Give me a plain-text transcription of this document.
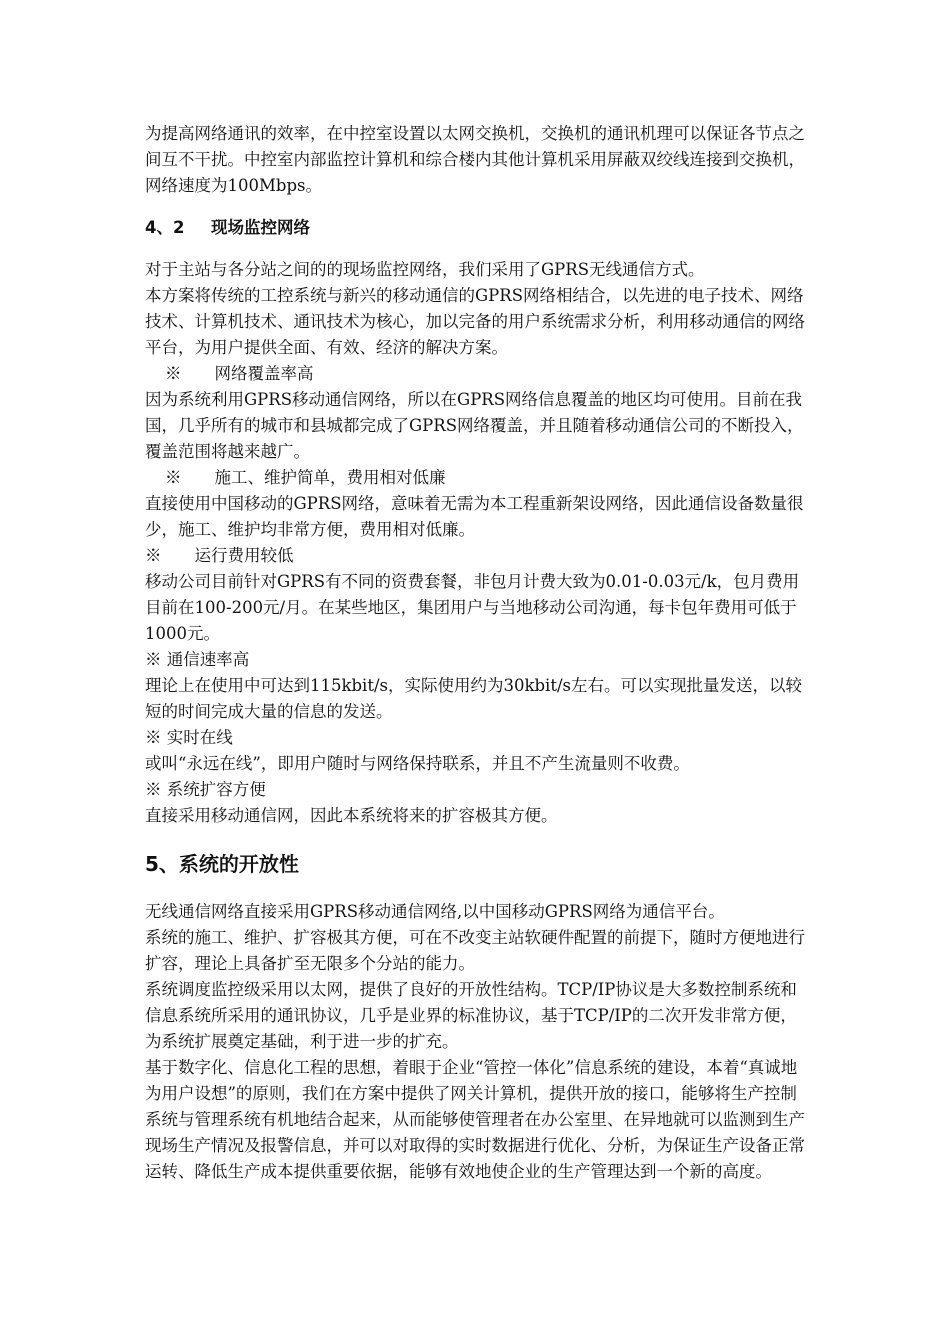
为提高网络通讯的效率，在中控室设置以太网交换机，交换机的通讯机理可以保证各节点之间互不干扰。中控室内部监控计算机和综合楼内其他计算机采用屏蔽双绞线连接到交换机，网络速度为100Mbps。

4、2 现场监控网络

对于主站与各分站之间的的现场监控网络，我们采用了GPRS无线通信方式。

本方案将传统的工控系统与新兴的移动通信的GPRS网络相结合，以先进的电子技术、网络技术、计算机技术、通讯技术为核心，加以完备的用户系统需求分析，利用移动通信的网络平台，为用户提供全面、有效、经济的解决方案。

※　　网络覆盖率高

因为系统利用GPRS移动通信网络，所以在GPRS网络信息覆盖的地区均可使用。目前在我国，几乎所有的城市和县城都完成了GPRS网络覆盖，并且随着移动通信公司的不断投入，覆盖范围将越来越广。

※　　施工、维护简单，费用相对低廉

直接使用中国移动的GPRS网络，意味着无需为本工程重新架设网络，因此通信设备数量很少，施工、维护均非常方便，费用相对低廉。

※　　运行费用较低

移动公司目前针对GPRS有不同的资费套餐，非包月计费大致为0.01-0.03元/k，包月费用目前在100-200元/月。在某些地区，集团用户与当地移动公司沟通，每卡包年费用可低于1000元。

※ 通信速率高

理论上在使用中可达到115kbit/s，实际使用约为30kbit/s左右。可以实现批量发送，以较短的时间完成大量的信息的发送。

※ 实时在线

或叫“永远在线”，即用户随时与网络保持联系，并且不产生流量则不收费。

※ 系统扩容方便

直接采用移动通信网，因此本系统将来的扩容极其方便。

5、系统的开放性

无线通信网络直接采用GPRS移动通信网络,以中国移动GPRS网络为通信平台。

系统的施工、维护、扩容极其方便，可在不改变主站软硬件配置的前提下，随时方便地进行扩容，理论上具备扩至无限多个分站的能力。

系统调度监控级采用以太网，提供了良好的开放性结构。TCP/IP协议是大多数控制系统和信息系统所采用的通讯协议，几乎是业界的标准协议，基于TCP/IP的二次开发非常方便，为系统扩展奠定基础，利于进一步的扩充。

基于数字化、信息化工程的思想，着眼于企业“管控一体化”信息系统的建设，本着“真诚地为用户设想”的原则，我们在方案中提供了网关计算机，提供开放的接口，能够将生产控制系统与管理系统有机地结合起来，从而能够使管理者在办公室里、在异地就可以监测到生产现场生产情况及报警信息，并可以对取得的实时数据进行优化、分析，为保证生产设备正常运转、降低生产成本提供重要依据，能够有效地使企业的生产管理达到一个新的高度。
